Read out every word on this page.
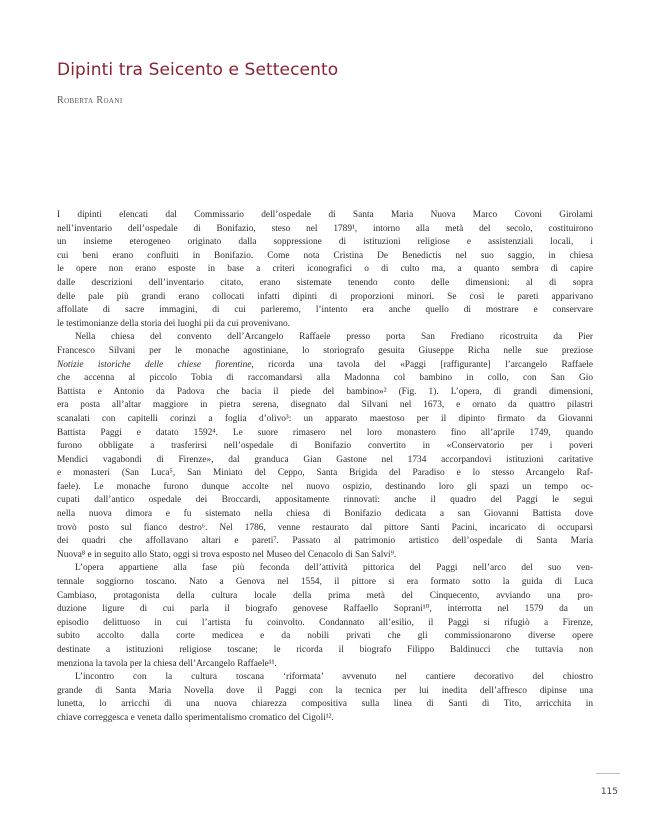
Dipinti tra Seicento e Settecento
Roberta Roani
I dipinti elencati dal Commissario dell’ospedale di Santa Maria Nuova Marco Covoni Girolami
nell’inventario dell’ospedale di Bonifazio, steso nel 1789¹, intorno alla metà del secolo, costituirono
un insieme eterogeneo originato dalla soppressione di istituzioni religiose e assistenziali locali, i
cui beni erano confluiti in Bonifazio. Come nota Cristina De Benedictis nel suo saggio, in chiesa
le opere non erano esposte in base a criteri iconografici o di culto ma, a quanto sembra di capire
dalle descrizioni dell’inventario citato, erano sistemate tenendo conto delle dimensioni: al di sopra
delle pale più grandi erano collocati infatti dipinti di proporzioni minori. Se così le pareti apparivano
affollate di sacre immagini, di cui parleremo, l’intento era anche quello di mostrare e conservare
le testimonianze della storia dei luoghi pii da cui provenivano.
Nella chiesa del convento dell’Arcangelo Raffaele presso porta San Frediano ricostruita da Pier
Francesco Silvani per le monache agostiniane, lo storiografo gesuita Giuseppe Richa nelle sue preziose
Notizie istoriche delle chiese fiorentine, ricorda una tavola del «Paggi [raffigurante] l’arcangelo Raffaele
che accenna al piccolo Tobia di raccomandarsi alla Madonna col bambino in collo, con San Gio
Battista e Antonio da Padova che bacia il piede del bambino»² (Fig. 1). L’opera, di grandi dimensioni,
era posta all’altar maggiore in pietra serena, disegnato dal Silvani nel 1673, e ornato da quattro pilastri
scanalati con capitelli corinzi a foglia d’olivo³: un apparato maestoso per il dipinto firmato da Giovanni
Battista Paggi e datato 1592⁴. Le suore rimasero nel loro monastero fino all’aprile 1749, quando
furono obbligate a trasferirsi nell’ospedale di Bonifazio convertito in «Conservatorio per i poveri
Mendici vagabondi di Firenze», dal granduca Gian Gastone nel 1734 accorpandovi istituzioni caritative
e monasteri (San Luca⁵, San Miniato del Ceppo, Santa Brigida del Paradiso e lo stesso Arcangelo Raf-
faele). Le monache furono dunque accolte nel nuovo ospizio, destinando loro gli spazi un tempo oc-
cupati dall’antico ospedale dei Broccardi, appositamente rinnovati: anche il quadro del Paggi le seguì
nella nuova dimora e fu sistemato nella chiesa di Bonifazio dedicata a san Giovanni Battista dove
trovò posto sul fianco destro⁶. Nel 1786, venne restaurato dal pittore Santi Pacini, incaricato di occuparsi
dei quadri che affollavano altari e pareti⁷. Passato al patrimonio artistico dell’ospedale di Santa Maria
Nuova⁸ e in seguito allo Stato, oggi si trova esposto nel Museo del Cenacolo di San Salvi⁹.
L’opera appartiene alla fase più feconda dell’attività pittorica del Paggi nell’arco del suo ven-
tennale soggiorno toscano. Nato a Genova nel 1554, il pittore si era formato sotto la guida di Luca
Cambiaso, protagonista della cultura locale della prima metà del Cinquecento, avviando una pro-
duzione ligure di cui parla il biografo genovese Raffaello Soprani¹⁰, interrotta nel 1579 da un
episodio delittuoso in cui l’artista fu coinvolto. Condannato all’esilio, il Paggi si rifugiò a Firenze,
subito accolto dalla corte medicea e da nobili privati che gli commissionarono diverse opere
destinate a istituzioni religiose toscane; le ricorda il biografo Filippo Baldinucci che tuttavia non
menziona la tavola per la chiesa dell’Arcangelo Raffaele¹¹.
L’incontro con la cultura toscana ‘riformata’ avvenuto nel cantiere decorativo del chiostro
grande di Santa Maria Novella dove il Paggi con la tecnica per lui inedita dell’affresco dipinse una
lunetta, lo arricchì di una nuova chiarezza compositiva sulla linea di Santi di Tito, arricchita in
chiave correggesca e veneta dallo sperimentalismo cromatico del Cigoli¹².
115
